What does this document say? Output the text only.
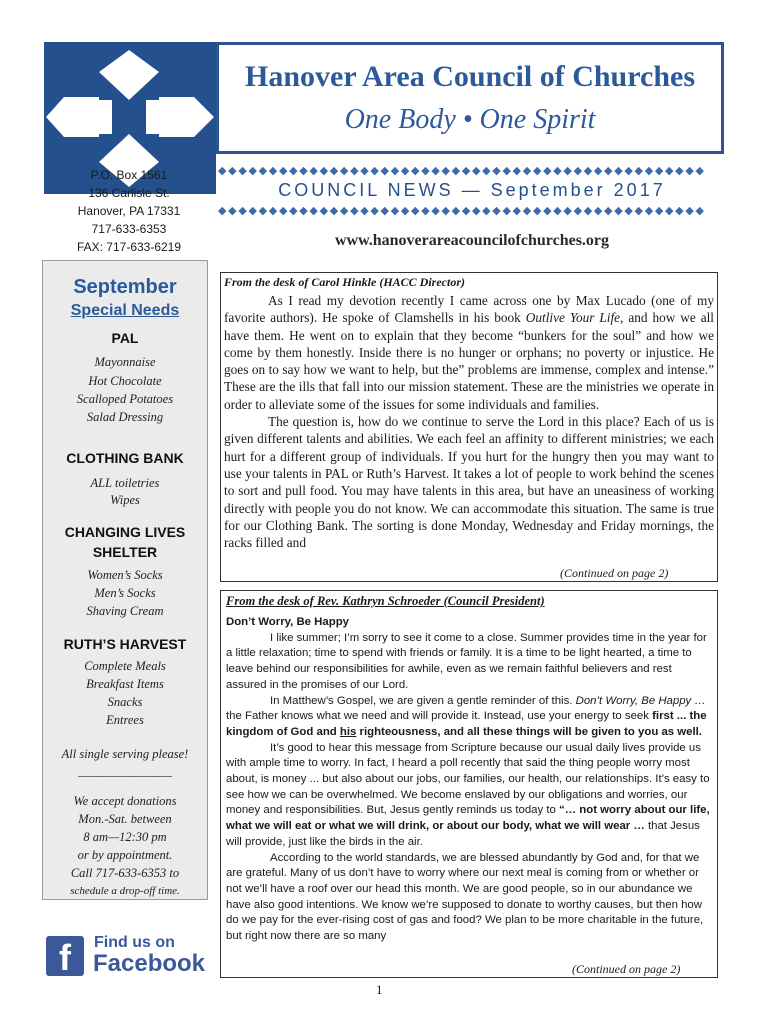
Hanover Area Council of Churches
One Body • One Spirit
P.O. Box 1561
136 Carlisle St.
Hanover, PA 17331
717-633-6353
FAX: 717-633-6219
◆◆◆◆◆◆◆◆◆◆◆◆◆◆◆◆◆◆◆◆◆◆◆◆◆◆◆◆◆◆◆◆◆◆◆◆◆◆◆◆◆◆◆◆◆◆◆◆
COUNCIL NEWS — September 2017
◆◆◆◆◆◆◆◆◆◆◆◆◆◆◆◆◆◆◆◆◆◆◆◆◆◆◆◆◆◆◆◆◆◆◆◆◆◆◆◆◆◆◆◆◆◆◆◆
www.hanoverareacouncilofchurches.org
September
Special Needs
PAL
Mayonnaise
Hot Chocolate
Scalloped Potatoes
Salad Dressing
CLOTHING BANK
ALL toiletries
Wipes
CHANGING LIVES SHELTER
Women’s Socks
Men’s Socks
Shaving Cream
RUTH’S HARVEST
Complete Meals
Breakfast Items
Snacks
Entrees
All single serving please!
_______________
We accept donations
Mon.-Sat. between
8 am—12:30 pm
or by appointment.
Call 717-633-6353 to
schedule a drop-off time.
f	Find us on
Facebook
From the desk of Carol Hinkle (HACC Director)

As I read my devotion recently I came across one by Max Lucado (one of my favorite authors). He spoke of Clamshells in his book Outlive Your Life, and how we all have them. He went on to explain that they become “bunkers for the soul” and how we come by them honestly. Inside there is no hunger or orphans; no poverty or injustice. He goes on to say how we want to help, but the” problems are immense, complex and intense.” These are the ills that fall into our mission statement. These are the ministries we operate in order to alleviate some of the issues for some individuals and families.

The question is, how do we continue to serve the Lord in this place? Each of us is given different talents and abilities. We each feel an affinity to different ministries; we each hurt for a different group of individuals. If you hurt for the hungry then you may want to use your talents in PAL or Ruth’s Harvest. It takes a lot of people to work behind the scenes to sort and pull food. You may have talents in this area, but have an uneasiness of working directly with people you do not know. We can accommodate this situation. The same is true for our Clothing Bank. The sorting is done Monday, Wednesday and Friday mornings, the racks filled and

(Continued on page 2)
From the desk of Rev. Kathryn Schroeder (Council President)

Don’t Worry, Be Happy

I like summer; I’m sorry to see it come to a close. Summer provides time in the year for a little relaxation; time to spend with friends or family. It is a time to be light hearted, a time to leave behind our responsibilities for awhile, even as we remain faithful believers and rest assured in the promises of our Lord.

In Matthew’s Gospel, we are given a gentle reminder of this. Don’t Worry, Be Happy … the Father knows what we need and will provide it. Instead, use your energy to seek first ... the kingdom of God and his righteousness, and all these things will be given to you as well.

It’s good to hear this message from Scripture because our usual daily lives provide us with ample time to worry. In fact, I heard a poll recently that said the thing people worry most about, is money ... but also about our jobs, our families, our health, our relationships. It’s easy to see how we can be overwhelmed. We become enslaved by our obligations and worries, our money and responsibilities. But, Jesus gently reminds us today to “… not worry about our life, what we will eat or what we will drink, or about our body, what we will wear … that Jesus will provide, just like the birds in the air.

According to the world standards, we are blessed abundantly by God and, for that we are grateful. Many of us don’t have to worry where our next meal is coming from or whether or not we’ll have a roof over our head this month. We are good people, so in our abundance we have also good intentions. We know we’re supposed to donate to worthy causes, but then how do we pay for the ever-rising cost of gas and food? We plan to be more charitable in the future, but right now there are so many

(Continued on page 2)
1
